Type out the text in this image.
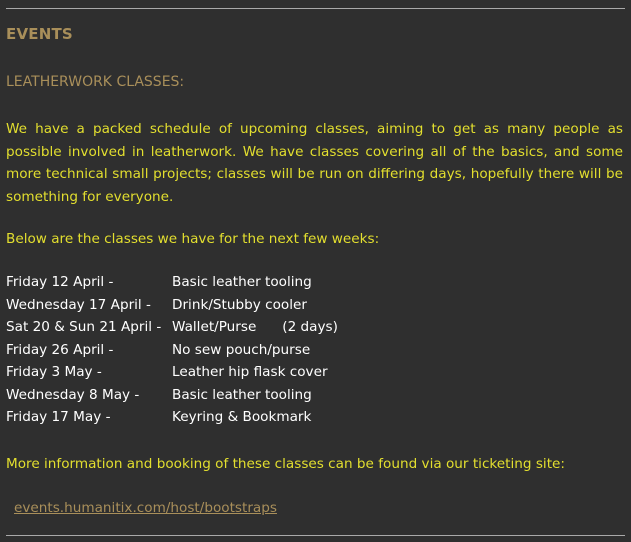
EVENTS
LEATHERWORK CLASSES:
We have a packed schedule of upcoming classes, aiming to get as many people as possible involved in leatherwork. We have classes covering all of the basics, and some more technical small projects; classes will be run on differing days, hopefully there will be something for everyone.
Below are the classes we have for the next few weeks:
Friday 12 April -	Basic leather tooling
Wednesday 17 April - Drink/Stubby cooler
Sat 20 & Sun 21 April - Wallet/Purse      (2 days)
Friday 26 April -	No sew pouch/purse
Friday 3 May -	Leather hip flask cover
Wednesday 8 May - Basic leather tooling
Friday 17 May -	Keyring & Bookmark
More information and booking of these classes can be found via our ticketing site:
events.humanitix.com/host/bootstraps
